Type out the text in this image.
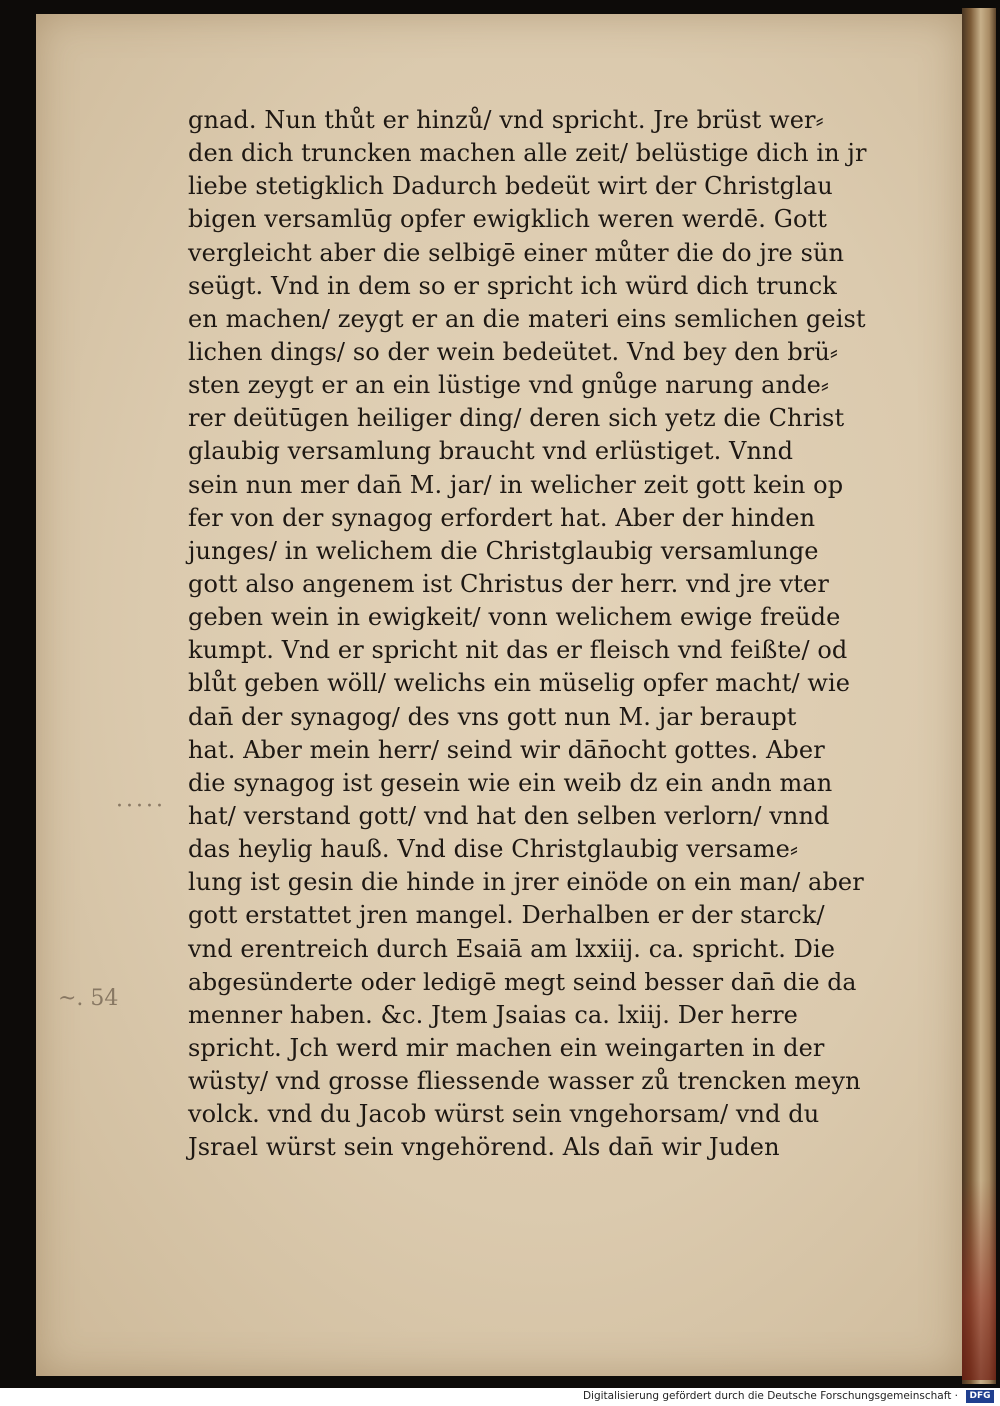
·····
~. 54
gnad. Nun thůt er hinzů/ vnd spricht. Jre brüst wer⸗
den dich truncken machen alle zeit/ belüstige dich in jr
liebe stetigklich Dadurch bedeüt wirt der Christglau
bigen versamlūg opfer ewigklich weren werdē. Gott
vergleicht aber die selbigē einer můter die do jre sün
seügt. Vnd in dem so er spricht ich würd dich trunck
en machen/ zeygt er an die materi eins semlichen geist
lichen dings/ so der wein bedeütet. Vnd bey den brü⸗
sten zeygt er an ein lüstige vnd gnůge narung ande⸗
rer deütūgen heiliger ding/ deren sich yetz die Christ
glaubig versamlung braucht vnd erlüstiget. Vnnd
sein nun mer dan̄ M. jar/ in welicher zeit gott kein op
fer von der synagog erfordert hat. Aber der hinden
junges/ in welichem die Christglaubig versamlunge
gott also angenem ist Christus der herr. vnd jre vter
geben wein in ewigkeit/ vonn welichem ewige freüde
kumpt. Vnd er spricht nit das er fleisch vnd feißte/ od
blůt geben wöll/ welichs ein müselig opfer macht/ wie
dan̄ der synagog/ des vns gott nun M. jar beraupt
hat. Aber mein herr/ seind wir dān̄ocht gottes. Aber
die synagog ist gesein wie ein weib dz ein andn man
hat/ verstand gott/ vnd hat den selben verlorn/ vnnd
das heylig hauß. Vnd dise Christglaubig versame⸗
lung ist gesin die hinde in jrer einöde on ein man/ aber
gott erstattet jren mangel. Derhalben er der starck/
vnd erentreich durch Esaiā am lxxiij. ca. spricht. Die
abgesünderte oder ledigē megt seind besser dan̄ die da
menner haben. &c. Jtem Jsaias ca. lxiij. Der herre
spricht. Jch werd mir machen ein weingarten in der
wüsty/ vnd grosse fliessende wasser zů trencken meyn
volck. vnd du Jacob würst sein vngehorsam/ vnd du
Jsrael würst sein vngehörend. Als dan̄ wir Juden
Digitalisierung gefördert durch die Deutsche Forschungsgemeinschaft ·	DFG
